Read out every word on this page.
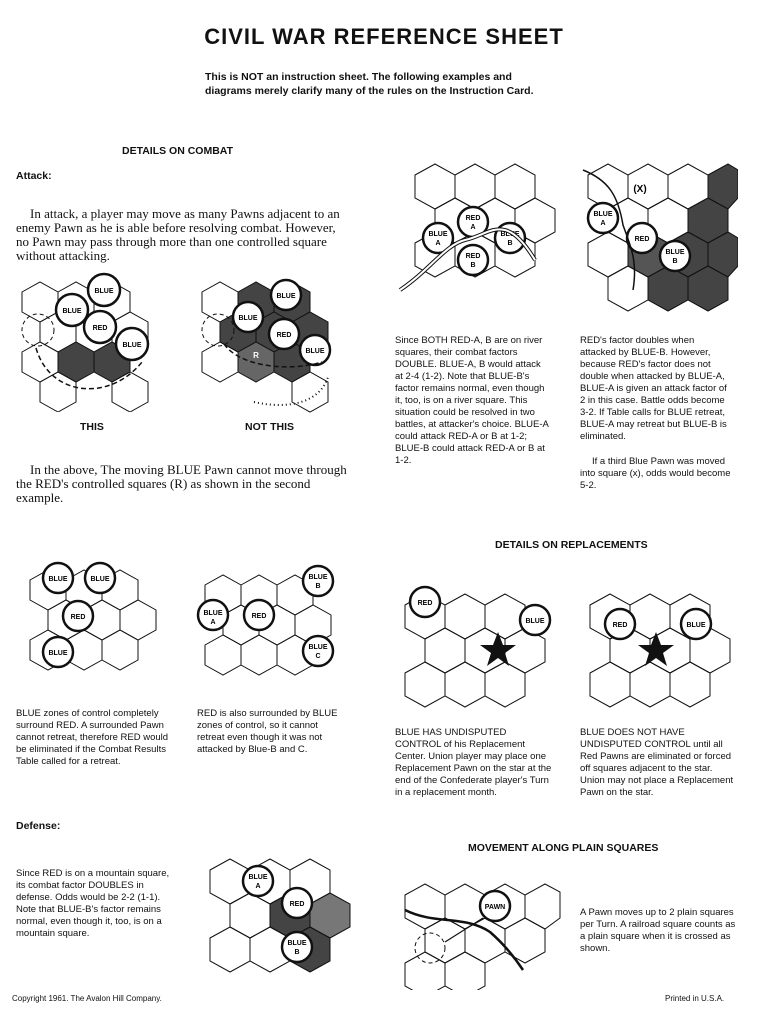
CIVIL WAR REFERENCE SHEET
This is NOT an instruction sheet. The following examples and diagrams merely clarify many of the rules on the Instruction Card.
DETAILS ON COMBAT
Attack:
In attack, a player may move as many Pawns adjacent to an enemy Pawn as he is able before resolving combat. However, no Pawn may pass through more than one controlled square without attacking.
BLUE
BLUE
BLUE
RED
THIS
BLUE
BLUE
BLUE
RED
R
NOT THIS
In the above, The moving BLUE Pawn cannot move through the RED's controlled squares (R) as shown in the second example.
BLUE	BLUE
BLUE
RED
BLUE zones of control completely surround RED. A surrounded Pawn cannot retreat, therefore RED would be eliminated if the Combat Results Table called for a retreat.
BLUE
A
BLUE
B
BLUE
C
RED
RED is also surrounded by BLUE zones of control, so it cannot retreat even though it was not attacked by Blue-B and C.
BLUE
A
RED
A
BLUE
B
RED
B
Since BOTH RED-A, B are on river squares, their combat factors DOUBLE. BLUE-A, B would attack at 2-4 (1-2). Note that BLUE-B's factor remains normal, even though it, too, is on a river square. This situation could be resolved in two battles, at attacker's choice. BLUE-A could attack RED-A or B at 1-2; BLUE-B could attack RED-A or B at 1-2.
BLUE
A
RED
BLUE
B
(X)
RED's factor doubles when attacked by BLUE-B. However, because RED's factor does not double when attacked by BLUE-A, BLUE-A is given an attack factor of 2 in this case. Battle odds become 3-2. If Table calls for BLUE retreat, BLUE-A may retreat but BLUE-B is eliminated.
If a third Blue Pawn was moved into square (x), odds would become 5-2.
DETAILS ON REPLACEMENTS
RED
BLUE
BLUE HAS UNDISPUTED CONTROL of his Replacement Center. Union player may place one Replacement Pawn on the star at the end of the Confederate player's Turn in a replacement month.
RED	BLUE
BLUE DOES NOT HAVE UNDISPUTED CONTROL until all Red Pawns are eliminated or forced off squares adjacent to the star. Union may not place a Replacement Pawn on the star.
Defense:
Since RED is on a mountain square, its combat factor DOUBLES in defense. Odds would be 2-2 (1-1). Note that BLUE-B's factor remains normal, even though it, too, is on a mountain square.
BLUE
A
RED
BLUE
B
MOVEMENT ALONG PLAIN SQUARES
PAWN	A Pawn moves up to 2 plain squares per Turn. A railroad square counts as a plain square when it is crossed as shown.
Copyright 1961. The Avalon Hill Company.	Printed in U.S.A.
